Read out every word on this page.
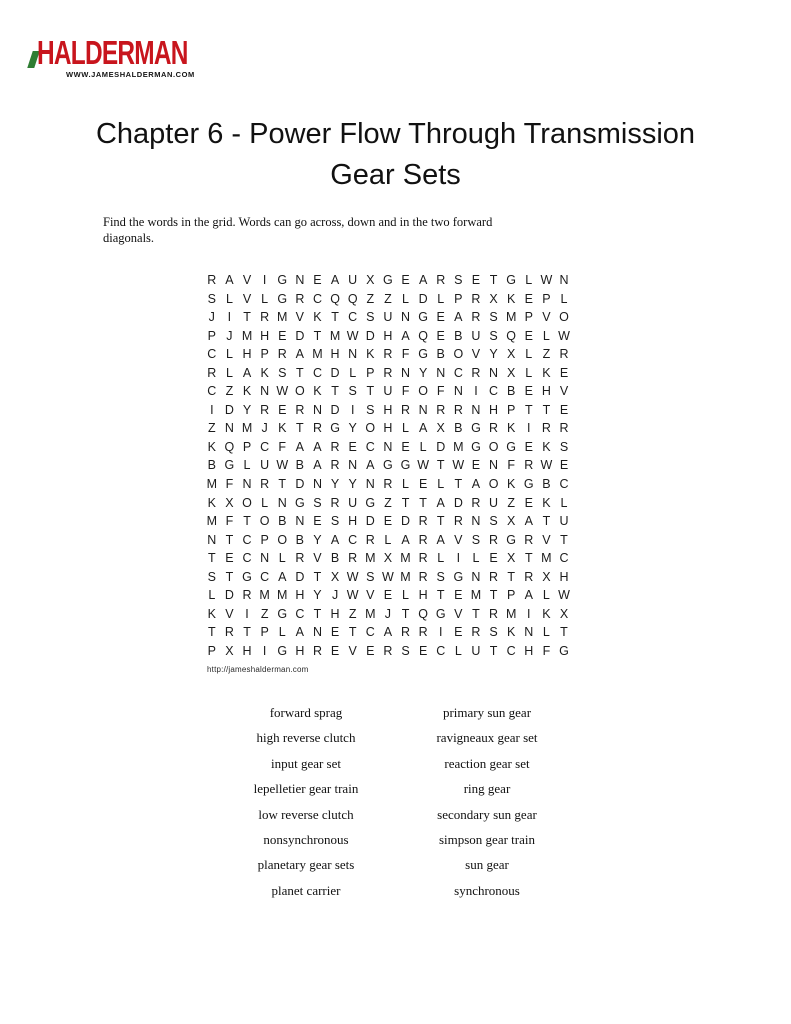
HALDERMAN
WWW.JAMESHALDERMAN.COM
Chapter 6 - Power Flow Through Transmission
Gear Sets

Find the words in the grid. Words can go across, down and in the two forward
diagonals.

R A V I G N E A U X G E A R S E T G L W N
S L V L G R C Q Q Z Z L D L P R X K E P L
J	I T R M V K T C S U N G E A R S M P V O
P J M H E D T M W D H A Q E B U S Q E L W
C L H P R A M H N K R F G B O V Y X L Z R
R L A K S T C D L P R N Y N C R N X L K E
C Z K N W O K T S T U F O F N I C B E H V
I D Y R E R N D I S H R N R R N H P T T E
Z N M J K T R G Y O H L A X B G R K I R R
K Q P C F A A R E C N E L D M G O G E K S
B G L U W B A R N A G G W T W E N F R W E
M F N R T D N Y Y N R L E L T A O K G B C
K X O L N G S R U G Z T T A D R U Z E K L
M F T O B N E S H D E D R T R N S X A T U
N T C P O B Y A C R L A R A V S R G R V T
T E C N L R V B R M X M R L I L E X T M C
S T G C A D T X W S W M R S G N R T R X H
L D R M M H Y J W V E L H T E M T P A L W
K V I Z G C T H Z M J T Q G V T R M I K X
T R T P L A N E T C A R R I E R S K N L T
P X H I G H R E V E R S E C L U T C H F G
http://jameshalderman.com
forward sprag
high reverse clutch
input gear set
lepelletier gear train
low reverse clutch
nonsynchronous
planetary gear sets
planet carrier
primary sun gear
ravigneaux gear set
reaction gear set
ring gear
secondary sun gear
simpson gear train
sun gear
synchronous
